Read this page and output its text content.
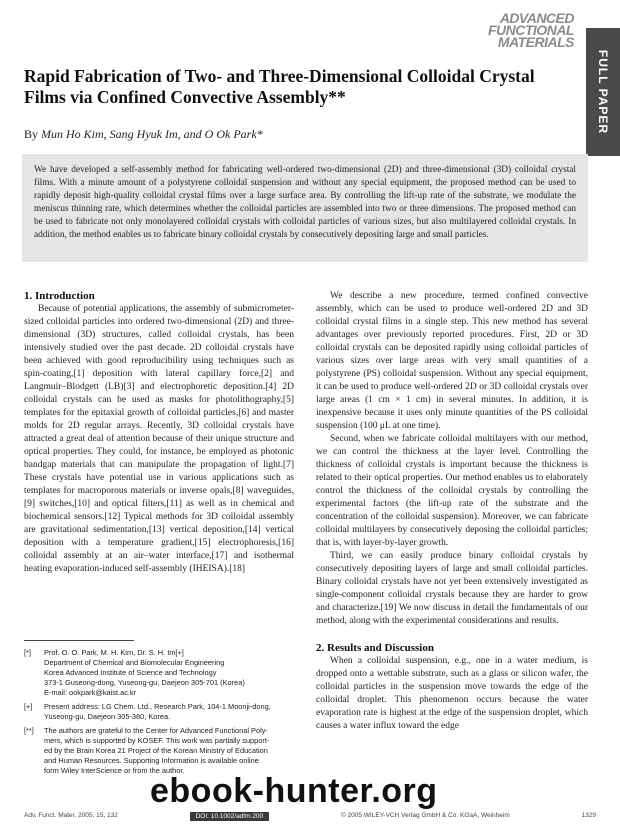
ADVANCED
FUNCTIONAL
MATERIALS
FULL PAPER
Rapid Fabrication of Two- and Three-Dimensional Colloidal Crystal Films via Confined Convective Assembly**
By Mun Ho Kim, Sang Hyuk Im, and O Ok Park*

We have developed a self-assembly method for fabricating well-ordered two-dimensional (2D) and three-dimensional (3D) colloidal crystal films. With a minute amount of a polystyrene colloidal suspension and without any special equipment, the proposed method can be used to rapidly deposit high-quality colloidal crystal films over a large surface area. By controlling the lift-up rate of the substrate, we modulate the meniscus thinning rate, which determines whether the colloidal particles are assembled into two or three dimensions. The proposed method can be used to fabricate not only monolayered colloidal crystals with colloidal particles of various sizes, but also multilayered colloidal crystals. In addition, the method enables us to fabricate binary colloidal crystals by consecutively depositing large and small particles.

1. Introduction

Because of potential applications, the assembly of submicrometer-sized colloidal particles into ordered two-dimensional (2D) and three-dimensional (3D) structures, called colloidal crystals, has been intensively studied over the past decade. 2D colloidal crystals have been achieved with good reproducibility using techniques such as spin-coating,[1] deposition with lateral capillary force,[2] and Langmuir–Blodgett (LB)[3] and electrophoretic deposition.[4] 2D colloidal crystals can be used as masks for photolithography,[5] templates for the epitaxial growth of colloidal particles,[6] and master molds for 2D regular arrays. Recently, 3D colloidal crystals have attracted a great deal of attention because of their unique structure and optical properties. They could, for instance, be employed as photonic bandgap materials that can manipulate the propagation of light.[7] These crystals have potential use in various applications such as templates for macroporous materials or inverse opals,[8] waveguides,[9] switches,[10] and optical filters,[11] as well as in chemical and biochemical sensors.[12] Typical methods for 3D colloidal assembly are gravitational sedimentation,[13] vertical deposition,[14] vertical deposition with a temperature gradient,[15] electrophoresis,[16] colloidal assembly at an air–water interface,[17] and isothermal heating evaporation-induced self-assembly (IHEISA).[18]

We describe a new procedure, termed confined convective assembly, which can be used to produce well-ordered 2D and 3D colloidal crystal films in a single step. This new method has several advantages over previously reported procedures. First, 2D or 3D colloidal crystals can be deposited rapidly using colloidal particles of various sizes over large areas with very small quantities of a polystyrene (PS) colloidal suspension. Without any special equipment, it can be used to produce well-ordered 2D or 3D colloidal crystals over large areas (1 cm × 1 cm) in several minutes. In addition, it is inexpensive because it uses only minute quantities of the PS colloidal suspension (100 μL at one time).

Second, when we fabricate colloidal multilayers with our method, we can control the thickness at the layer level. Controlling the thickness of colloidal crystals is important because the thickness is related to their optical properties. Our method enables us to elaborately control the thickness of the colloidal crystals by controlling the experimental factors (the lift-up rate of the substrate and the concentration of the colloidal suspension). Moreover, we can fabricate colloidal multilayers by consecutively deposing the colloidal particles; that is, with layer-by-layer growth.

Third, we can easily produce binary colloidal crystals by consecutively depositing layers of large and small colloidal particles. Binary colloidal crystals have not yet been extensively investigated as single-component colloidal crystals because they are harder to grow and characterize.[19] We now discuss in detail the fundamentals of our method, along with the experimental considerations and results.

2. Results and Discussion

When a colloidal suspension, e.g., one in a water medium, is dropped onto a wettable substrate, such as a glass or silicon wafer, the colloidal particles in the suspension move towards the edge of the colloidal droplet. This phenomenon occurs because the water evaporation rate is highest at the edge of the suspension droplet, which causes a water influx toward the edge

[*]	Prof. O. O. Park, M. H. Kim, Dr. S. H. Im[+]
Department of Chemical and Biomolecular Engineering
Korea Advanced Institute of Science and Technology
373-1 Guseong-dong, Yuseong-gu, Daejeon 305-701 (Korea)
E-mail: ookpark@kaist.ac.kr
[+]	Present address: LG Chem. Ltd., Research Park, 104-1 Moonji-dong,
Yuseong-gu, Daejeon 305-380, Korea.
[**]	The authors are grateful to the Center for Advanced Functional Poly-
mers, which is supported by KOSEF. This work was partially support-
ed by the Brain Korea 21 Project of the Korean Ministry of Education
and Human Resources. Supporting Information is available online
form Wiley InterScience or from the author.
ebook-hunter.org
Adv. Funct. Mater. 2005, 15, 132	DOI: 10.1002/adfm.200	© 2005 WILEY-VCH Verlag GmbH & Co. KGaA, Weinheim	1329
